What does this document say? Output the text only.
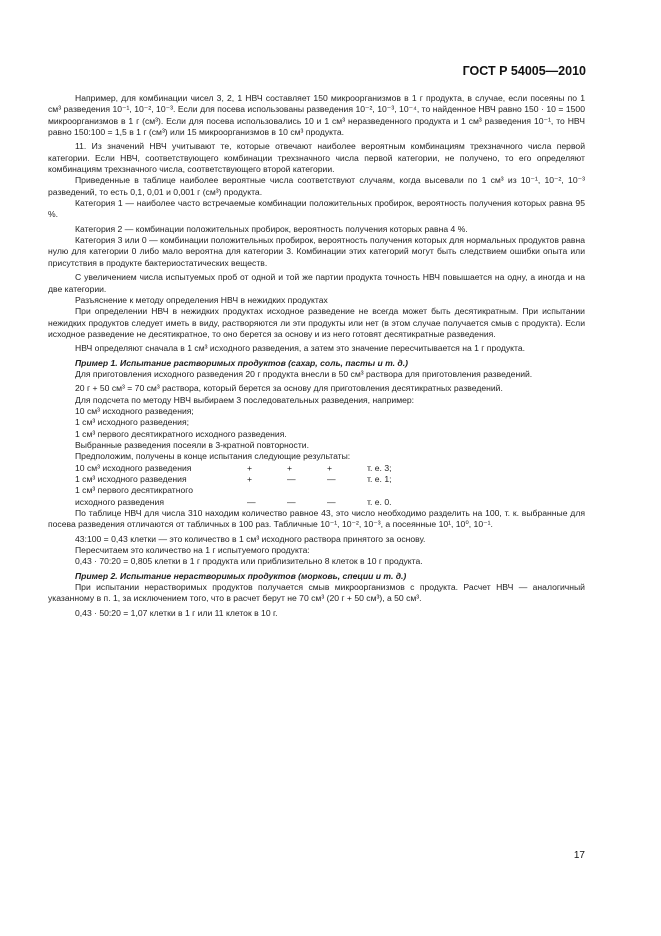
ГОСТ Р 54005—2010

Например, для комбинации чисел 3, 2, 1 НВЧ составляет 150 микроорганизмов в 1 г продукта, в случае, если посеяны по 1 см³ разведения 10⁻¹, 10⁻², 10⁻³. Если для посева использованы разведения 10⁻², 10⁻³, 10⁻⁴, то найденное НВЧ равно 150 · 10 = 1500 микроорганизмов в 1 г (см³). Если для посева использовались 10 и 1 см³ неразведенного продукта и 1 см³ разведения 10⁻¹, то НВЧ равно 150:100 = 1,5 в 1 г (см³) или 15 микроорганизмов в 10 см³ продукта.

11. Из значений НВЧ учитывают те, которые отвечают наиболее вероятным комбинациям трехзначного числа первой категории. Если НВЧ, соответствующего комбинации трехзначного числа первой категории, не получено, то его определяют комбинациям трехзначного числа, соответствующего второй категории.

Приведенные в таблице наиболее вероятные числа соответствуют случаям, когда высевали по 1 см³ из 10⁻¹, 10⁻², 10⁻³ разведений, то есть 0,1, 0,01 и 0,001 г (см³) продукта.

Категория 1 — наиболее часто встречаемые комбинации положительных пробирок, вероятность получения которых равна 95 %.

Категория 2 — комбинации положительных пробирок, вероятность получения которых равна 4 %.

Категория 3 или 0 — комбинации положительных пробирок, вероятность получения которых для нормальных продуктов равна нулю для категории 0 либо мало вероятна для категории 3. Комбинации этих категорий могут быть следствием ошибки опыта или присутствия в продукте бактериостатических веществ.

С увеличением числа испытуемых проб от одной и той же партии продукта точность НВЧ повышается на одну, а иногда и на две категории.

Разъяснение к методу определения НВЧ в нежидких продуктах

При определении НВЧ в нежидких продуктах исходное разведение не всегда может быть десятикратным. При испытании нежидких продуктов следует иметь в виду, растворяются ли эти продукты или нет (в этом случае получается смыв с продукта). Если исходное разведение не десятикратное, то оно берется за основу и из него готовят десятикратные разведения.

НВЧ определяют сначала в 1 см³ исходного разведения, а затем это значение пересчитывается на 1 г продукта.

Пример 1. Испытание растворимых продуктов (сахар, соль, пасты и т. д.)

Для приготовления исходного разведения 20 г продукта внесли в 50 см³ раствора для приготовления разведений.

20 г + 50 см³ = 70 см³ раствора, который берется за основу для приготовления десятикратных разведений.

Для подсчета по методу НВЧ выбираем 3 последовательных разведения, например:

10 см³ исходного разведения;

1 см³ исходного разведения;

1 см³ первого десятикратного исходного разведения.

Выбранные разведения посеяли в 3-кратной повторности.

Предположим, получены в конце испытания следующие результаты:

10 см³ исходного разведения	+	+	+	т. е. 3;
1 см³ исходного разведения	+	—	—	т. е. 1;
1 см³ первого десятикратного
исходного разведения	—	—	—	т. е. 0.

По таблице НВЧ для числа 310 находим количество равное 43, это число необходимо разделить на 100, т. к. выбранные для посева разведения отличаются от табличных в 100 раз. Табличные 10⁻¹, 10⁻², 10⁻³, а посеянные 10¹, 10⁰, 10⁻¹.

43:100 = 0,43 клетки — это количество в 1 см³ исходного раствора принятого за основу.

Пересчитаем это количество на 1 г испытуемого продукта:

0,43 · 70:20 = 0,805 клетки в 1 г продукта или приблизительно 8 клеток в 10 г продукта.

Пример 2. Испытание нерастворимых продуктов (морковь, специи и т. д.)

При испытании нерастворимых продуктов получается смыв микроорганизмов с продукта. Расчет НВЧ — аналогичный указанному в п. 1, за исключением того, что в расчет берут не 70 см³ (20 г + 50 см³), а 50 см³.

0,43 · 50:20 = 1,07 клетки в 1 г или 11 клеток в 10 г.

17
